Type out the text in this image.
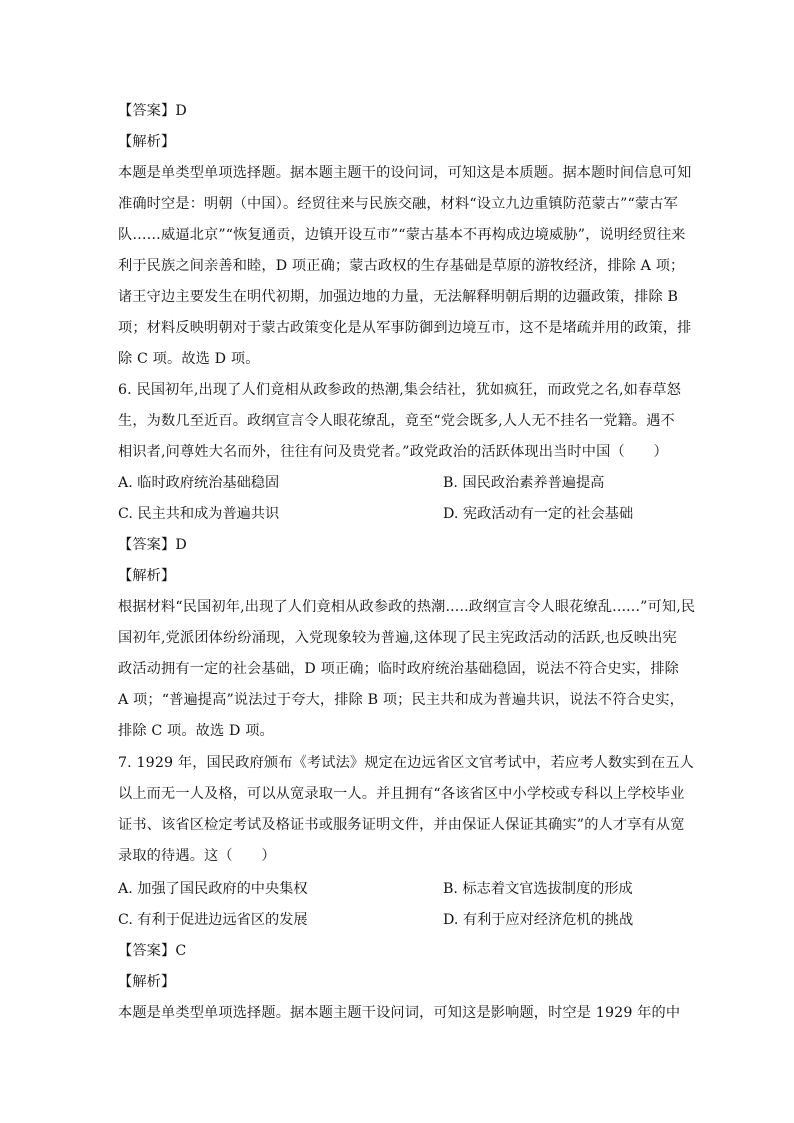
【答案】D
【解析】
本题是单类型单项选择题。据本题主题干的设问词，可知这是本质题。据本题时间信息可知
准确时空是：明朝（中国）。经贸往来与民族交融，材料“设立九边重镇防范蒙古”“蒙古军
队……威逼北京”“恢复通贡，边镇开设互市”“蒙古基本不再构成边境威胁”，说明经贸往来
利于民族之间亲善和睦，D 项正确；蒙古政权的生存基础是草原的游牧经济，排除 A 项；
诸王守边主要发生在明代初期，加强边地的力量，无法解释明朝后期的边疆政策，排除 B
项；材料反映明朝对于蒙古政策变化是从军事防御到边境互市，这不是堵疏并用的政策，排
除 C 项。故选 D 项。
6. 民国初年,出现了人们竟相从政参政的热潮,集会结社，犹如疯狂，而政党之名,如春草怒
生，为数几至近百。政纲宣言令人眼花缭乱，竟至“党会既多,人人无不挂名一党籍。遇不
相识者,问尊姓大名而外，往往有问及贵党者。”政党政治的活跃体现出当时中国（　　）
A. 临时政府统治基础稳固	B. 国民政治素养普遍提高
C. 民主共和成为普遍共识	D. 宪政活动有一定的社会基础
【答案】D
【解析】
根据材料“民国初年,出现了人们竟相从政参政的热潮.....政纲宣言令人眼花缭乱......”可知,民
国初年,党派团体纷纷涌现，入党现象较为普遍,这体现了民主宪政活动的活跃,也反映出宪
政活动拥有一定的社会基础，D 项正确；临时政府统治基础稳固，说法不符合史实，排除
A 项；“普遍提高”说法过于夸大，排除 B 项；民主共和成为普遍共识，说法不符合史实，
排除 C 项。故选 D 项。
7. 1929 年，国民政府颁布《考试法》规定在边远省区文官考试中，若应考人数实到在五人
以上而无一人及格，可以从宽录取一人。并且拥有“各该省区中小学校或专科以上学校毕业
证书、该省区检定考试及格证书或服务证明文件，并由保证人保证其确实”的人才享有从宽
录取的待遇。这（　　）
A. 加强了国民政府的中央集权	B. 标志着文官选拔制度的形成
C. 有利于促进边远省区的发展	D. 有利于应对经济危机的挑战
【答案】C
【解析】
本题是单类型单项选择题。据本题主题干设问词，可知这是影响题，时空是 1929 年的中
